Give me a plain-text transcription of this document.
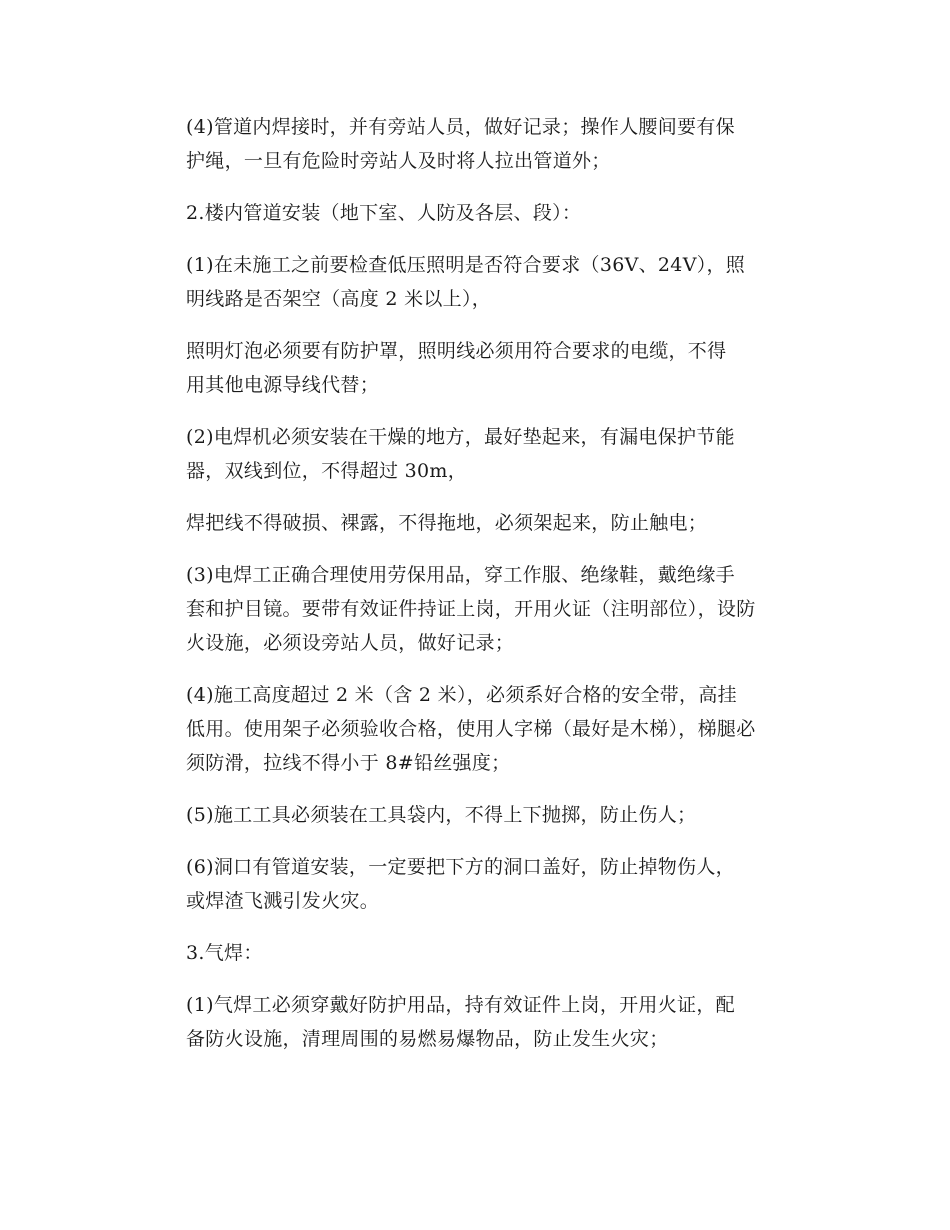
(4)管道内焊接时，并有旁站人员，做好记录；操作人腰间要有保
护绳，一旦有危险时旁站人及时将人拉出管道外；

2.楼内管道安装（地下室、人防及各层、段）：

(1)在未施工之前要检查低压照明是否符合要求（36V、24V），照
明线路是否架空（高度 2 米以上），

照明灯泡必须要有防护罩，照明线必须用符合要求的电缆，不得
用其他电源导线代替；

(2)电焊机必须安装在干燥的地方，最好垫起来，有漏电保护节能
器，双线到位，不得超过 30m，

焊把线不得破损、裸露，不得拖地，必须架起来，防止触电；

(3)电焊工正确合理使用劳保用品，穿工作服、绝缘鞋，戴绝缘手
套和护目镜。要带有效证件持证上岗，开用火证（注明部位），设防
火设施，必须设旁站人员，做好记录；

(4)施工高度超过 2 米（含 2 米），必须系好合格的安全带，高挂
低用。使用架子必须验收合格，使用人字梯（最好是木梯），梯腿必
须防滑，拉线不得小于 8#铅丝强度；

(5)施工工具必须装在工具袋内，不得上下抛掷，防止伤人；

(6)洞口有管道安装，一定要把下方的洞口盖好，防止掉物伤人，
或焊渣飞溅引发火灾。

3.气焊：

(1)气焊工必须穿戴好防护用品，持有效证件上岗，开用火证，配
备防火设施，清理周围的易燃易爆物品，防止发生火灾；
